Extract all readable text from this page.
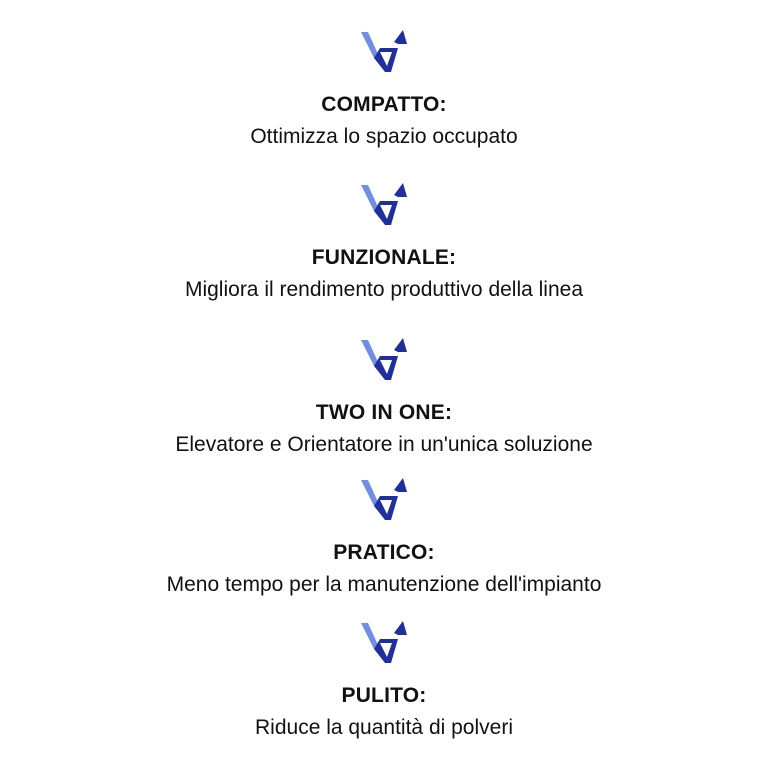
COMPATTO:
Ottimizza lo spazio occupato
FUNZIONALE:
Migliora il rendimento produttivo della linea
TWO IN ONE:
Elevatore e Orientatore in un'unica soluzione
PRATICO:
Meno tempo per la manutenzione dell'impianto
PULITO:
Riduce la quantità di polveri
